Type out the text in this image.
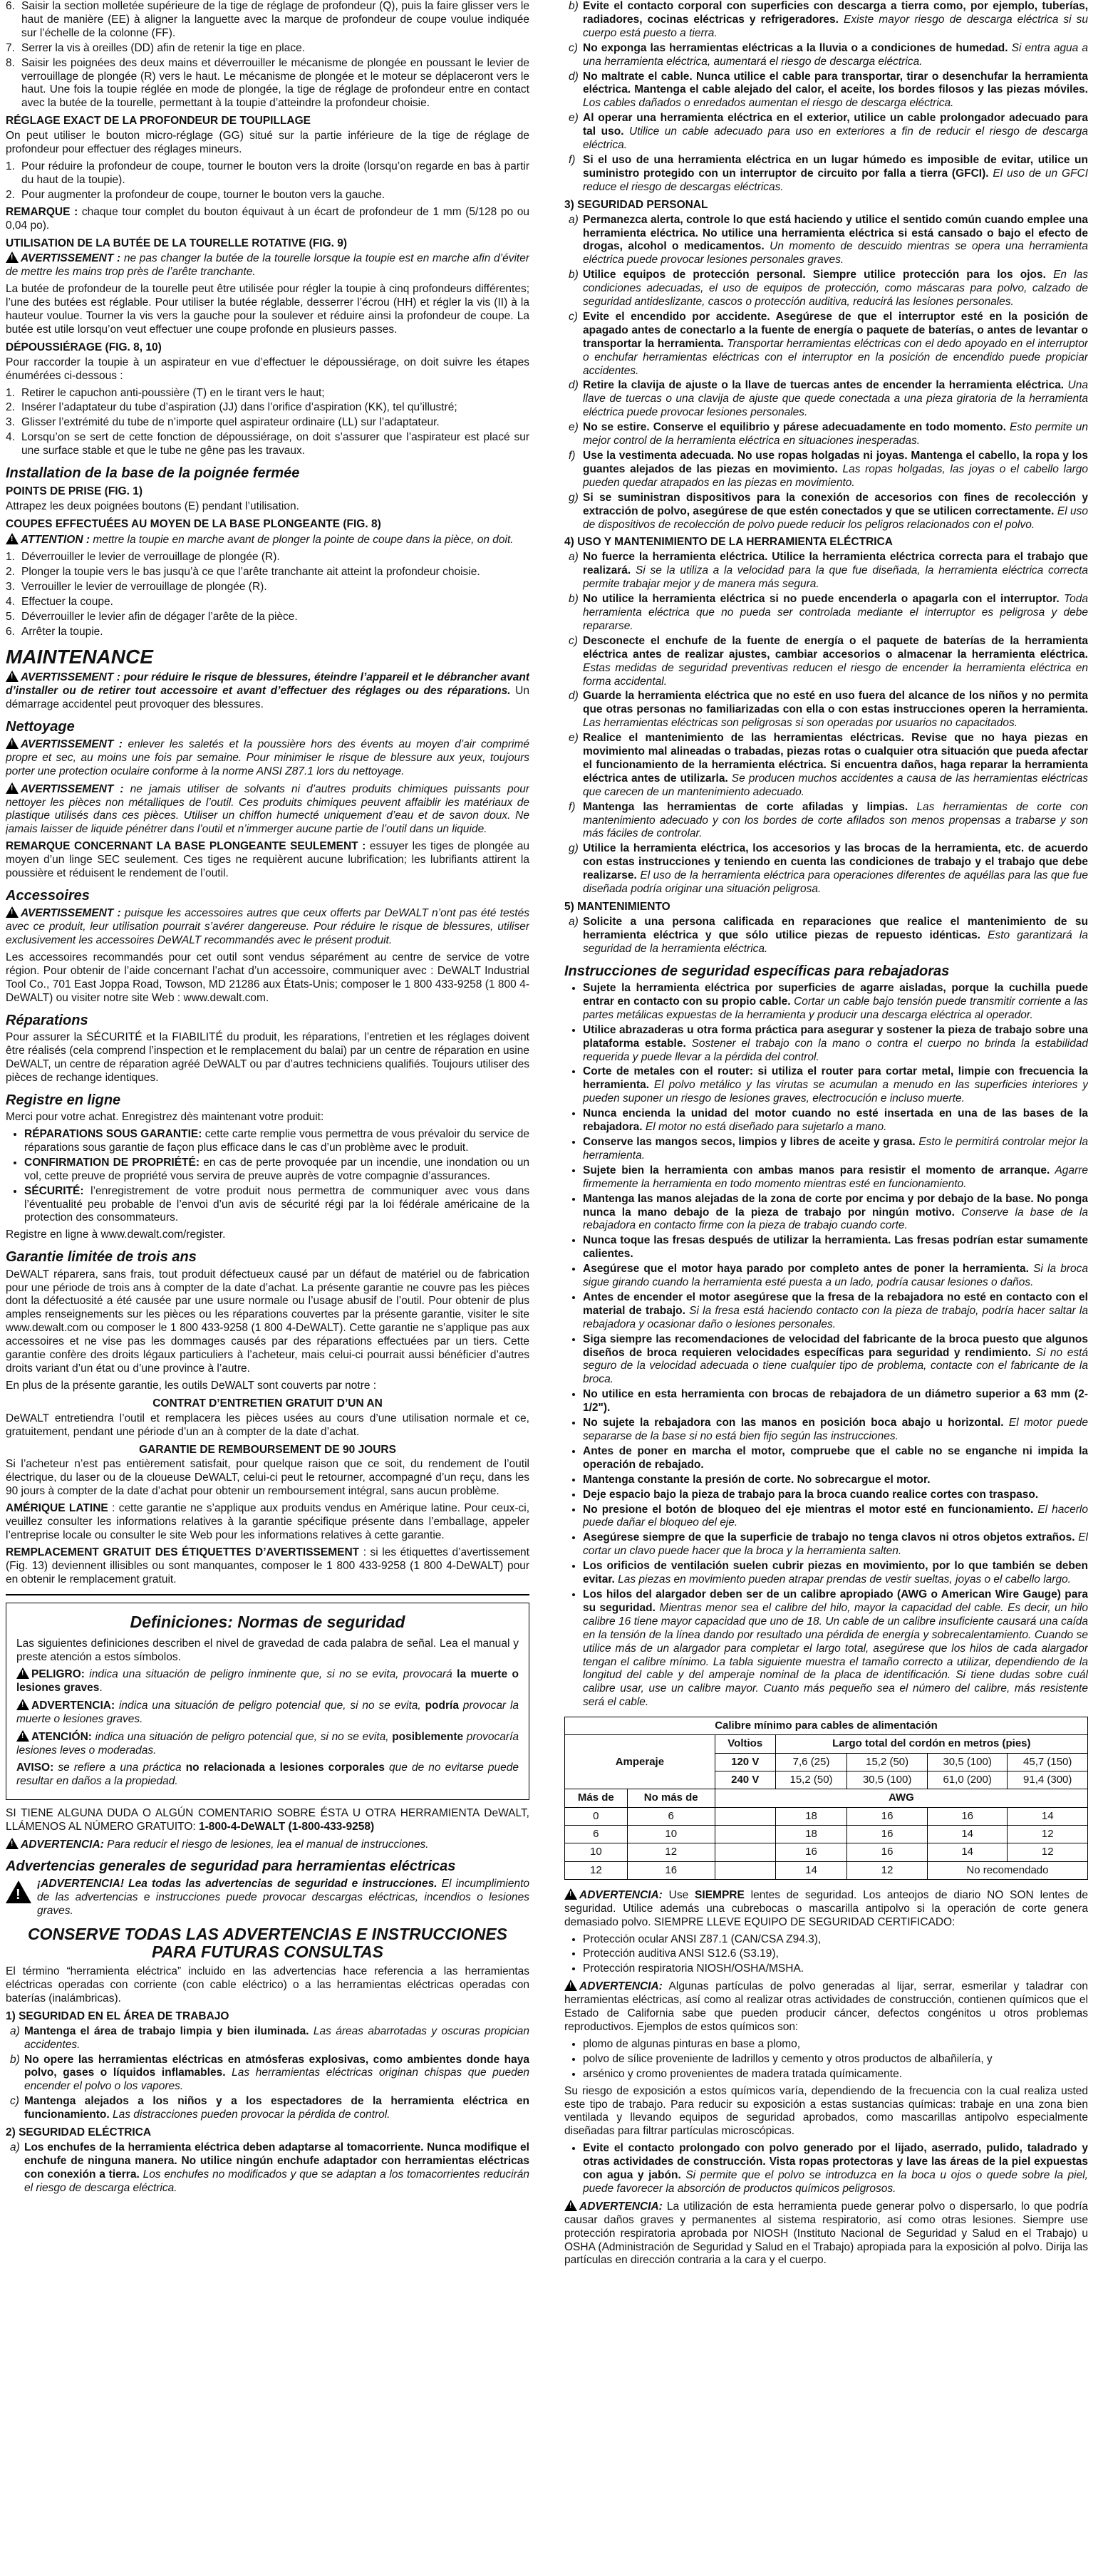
6. Saisir la section molletée supérieure de la tige de réglage de profondeur (Q), puis la faire glisser vers le haut de manière (EE) à aligner la languette avec la marque de profondeur de coupe voulue indiquée sur l’échelle de la colonne (FF).
7. Serrer la vis à oreilles (DD) afin de retenir la tige en place.
8. Saisir les poignées des deux mains et déverrouiller le mécanisme de plongée en poussant le levier de verrouillage de plongée (R) vers le haut. Le mécanisme de plongée et le moteur se déplaceront vers le haut. Une fois la toupie réglée en mode de plongée, la tige de réglage de profondeur entre en contact avec la butée de la tourelle, permettant à la toupie d’atteindre la profondeur choisie.
RÉGLAGE EXACT DE LA PROFONDEUR DE TOUPILLAGE

On peut utiliser le bouton micro-réglage (GG) situé sur la partie inférieure de la tige de réglage de profondeur pour effectuer des réglages mineurs.

1. Pour réduire la profondeur de coupe, tourner le bouton vers la droite (lorsqu’on regarde en bas à partir du haut de la toupie).
2. Pour augmenter la profondeur de coupe, tourner le bouton vers la gauche.

REMARQUE : chaque tour complet du bouton équivaut à un écart de profondeur de 1 mm (5/128 po ou 0,04 po).

UTILISATION DE LA BUTÉE DE LA TOURELLE ROTATIVE (FIG. 9)

!AVERTISSEMENT : ne pas changer la butée de la tourelle lorsque la toupie est en marche afin d’éviter de mettre les mains trop près de l’arête tranchante.

La butée de profondeur de la tourelle peut être utilisée pour régler la toupie à cinq profondeurs différentes; l’une des butées est réglable. Pour utiliser la butée réglable, desserrer l’écrou (HH) et régler la vis (II) à la hauteur voulue. Tourner la vis vers la gauche pour la soulever et réduire ainsi la profondeur de coupe. La butée est utile lorsqu’on veut effectuer une coupe profonde en plusieurs passes.

DÉPOUSSIÉRAGE (FIG. 8, 10)

Pour raccorder la toupie à un aspirateur en vue d’effectuer le dépoussiérage, on doit suivre les étapes énumérées ci-dessous :

1. Retirer le capuchon anti-poussière (T) en le tirant vers le haut;
2. Insérer l’adaptateur du tube d’aspiration (JJ) dans l’orifice d’aspiration (KK), tel qu’illustré;
3. Glisser l’extrémité du tube de n’importe quel aspirateur ordinaire (LL) sur l’adaptateur.
4. Lorsqu’on se sert de cette fonction de dépoussiérage, on doit s’assurer que l’aspirateur est placé sur une surface stable et que le tube ne gêne pas les travaux.
Installation de la base de la poignée fermée
POINTS DE PRISE (FIG. 1)

Attrapez les deux poignées boutons (E) pendant l’utilisation.

COUPES EFFECTUÉES AU MOYEN DE LA BASE PLONGEANTE (FIG. 8)

!ATTENTION : mettre la toupie en marche avant de plonger la pointe de coupe dans la pièce, on doit.

1. Déverrouiller le levier de verrouillage de plongée (R).
2. Plonger la toupie vers le bas jusqu’à ce que l’arête tranchante ait atteint la profondeur choisie.
3. Verrouiller le levier de verrouillage de plongée (R).
4. Effectuer la coupe.
5. Déverrouiller le levier afin de dégager l’arête de la pièce.
6. Arrêter la toupie.
MAINTENANCE

!AVERTISSEMENT : pour réduire le risque de blessures, éteindre l’appareil et le débrancher avant d’installer ou de retirer tout accessoire et avant d’effectuer des réglages ou des réparations. Un démarrage accidentel peut provoquer des blessures.

Nettoyage

!AVERTISSEMENT : enlever les saletés et la poussière hors des évents au moyen d’air comprimé propre et sec, au moins une fois par semaine. Pour minimiser le risque de blessure aux yeux, toujours porter une protection oculaire conforme à la norme ANSI Z87.1 lors du nettoyage.

!AVERTISSEMENT : ne jamais utiliser de solvants ni d’autres produits chimiques puissants pour nettoyer les pièces non métalliques de l’outil. Ces produits chimiques peuvent affaiblir les matériaux de plastique utilisés dans ces pièces. Utiliser un chiffon humecté uniquement d’eau et de savon doux. Ne jamais laisser de liquide pénétrer dans l’outil et n’immerger aucune partie de l’outil dans un liquide.

REMARQUE CONCERNANT LA BASE PLONGEANTE SEULEMENT : essuyer les tiges de plongée au moyen d’un linge SEC seulement. Ces tiges ne requièrent aucune lubrification; les lubrifiants attirent la poussière et réduisent le rendement de l’outil.

Accessoires

!AVERTISSEMENT : puisque les accessoires autres que ceux offerts par DeWALT n’ont pas été testés avec ce produit, leur utilisation pourrait s’avérer dangereuse. Pour réduire le risque de blessures, utiliser exclusivement les accessoires DeWALT recommandés avec le présent produit.

Les accessoires recommandés pour cet outil sont vendus séparément au centre de service de votre région. Pour obtenir de l’aide concernant l’achat d’un accessoire, communiquer avec : DeWALT Industrial Tool Co., 701 East Joppa Road, Towson, MD 21286 aux États-Unis; composer le 1 800 433-9258 (1 800 4-DeWALT) ou visiter notre site Web : www.dewalt.com.

Réparations

Pour assurer la SÉCURITÉ et la FIABILITÉ du produit, les réparations, l’entretien et les réglages doivent être réalisés (cela comprend l’inspection et le remplacement du balai) par un centre de réparation en usine DeWALT, un centre de réparation agréé DeWALT ou par d’autres techniciens qualifiés. Toujours utiliser des pièces de rechange identiques.

Registre en ligne

Merci pour votre achat. Enregistrez dès maintenant votre produit:

• RÉPARATIONS SOUS GARANTIE: cette carte remplie vous permettra de vous prévaloir du service de réparations sous garantie de façon plus efficace dans le cas d’un problème avec le produit.
• CONFIRMATION DE PROPRIÉTÉ: en cas de perte provoquée par un incendie, une inondation ou un vol, cette preuve de propriété vous servira de preuve auprès de votre compagnie d’assurances.
• SÉCURITÉ: l’enregistrement de votre produit nous permettra de communiquer avec vous dans l’éventualité peu probable de l’envoi d’un avis de sécurité régi par la loi fédérale américaine de la protection des consommateurs.

Registre en ligne à www.dewalt.com/register.

Garantie limitée de trois ans

DeWALT réparera, sans frais, tout produit défectueux causé par un défaut de matériel ou de fabrication pour une période de trois ans à compter de la date d’achat. La présente garantie ne couvre pas les pièces dont la défectuosité a été causée par une usure normale ou l’usage abusif de l’outil. Pour obtenir de plus amples renseignements sur les pièces ou les réparations couvertes par la présente garantie, visiter le site www.dewalt.com ou composer le 1 800 433-9258 (1 800 4-DeWALT). Cette garantie ne s’applique pas aux accessoires et ne vise pas les dommages causés par des réparations effectuées par un tiers. Cette garantie confère des droits légaux particuliers à l’acheteur, mais celui-ci pourrait aussi bénéficier d’autres droits variant d’un état ou d’une province à l’autre.

En plus de la présente garantie, les outils DeWALT sont couverts par notre :

CONTRAT D’ENTRETIEN GRATUIT D’UN AN

DeWALT entretiendra l’outil et remplacera les pièces usées au cours d’une utilisation normale et ce, gratuitement, pendant une période d’un an à compter de la date d’achat.

GARANTIE DE REMBOURSEMENT DE 90 JOURS

Si l’acheteur n’est pas entièrement satisfait, pour quelque raison que ce soit, du rendement de l’outil électrique, du laser ou de la cloueuse DeWALT, celui-ci peut le retourner, accompagné d’un reçu, dans les 90 jours à compter de la date d’achat pour obtenir un remboursement intégral, sans aucun problème.

AMÉRIQUE LATINE : cette garantie ne s’applique aux produits vendus en Amérique latine. Pour ceux-ci, veuillez consulter les informations relatives à la garantie spécifique présente dans l’emballage, appeler l’entreprise locale ou consulter le site Web pour les informations relatives à cette garantie.

REMPLACEMENT GRATUIT DES ÉTIQUETTES D’AVERTISSEMENT : si les étiquettes d’avertissement (Fig. 13) deviennent illisibles ou sont manquantes, composer le 1 800 433-9258 (1 800 4-DeWALT) pour en obtenir le remplacement gratuit.

Definiciones: Normas de seguridad

Las siguientes definiciones describen el nivel de gravedad de cada palabra de señal. Lea el manual y preste atención a estos símbolos.

!PELIGRO: indica una situación de peligro inminente que, si no se evita, provocará la muerte o lesiones graves.

!ADVERTENCIA: indica una situación de peligro potencial que, si no se evita, podría provocar la muerte o lesiones graves.

!ATENCIÓN: indica una situación de peligro potencial que, si no se evita, posiblemente provocaría lesiones leves o moderadas.

AVISO: se refiere a una práctica no relacionada a lesiones corporales que de no evitarse puede resultar en daños a la propiedad.

SI TIENE ALGUNA DUDA O ALGÚN COMENTARIO SOBRE ÉSTA U OTRA HERRAMIENTA DeWALT, LLÁMENOS AL NÚMERO GRATUITO: 1-800-4-DeWALT (1-800-433-9258)

!ADVERTENCIA: Para reducir el riesgo de lesiones, lea el manual de instrucciones.

Advertencias generales de seguridad para herramientas eléctricas
!

¡ADVERTENCIA! Lea todas las advertencias de seguridad e instrucciones. El incumplimiento de las advertencias e instrucciones puede provocar descargas eléctricas, incendios o lesiones graves.

CONSERVE TODAS LAS ADVERTENCIAS E INSTRUCCIONES PARA FUTURAS CONSULTAS

El término “herramienta eléctrica” incluido en las advertencias hace referencia a las herramientas eléctricas operadas con corriente (con cable eléctrico) o a las herramientas eléctricas operadas con baterías (inalámbricas).

1) SEGURIDAD EN EL ÁREA DE TRABAJO
a) Mantenga el área de trabajo limpia y bien iluminada. Las áreas abarrotadas y oscuras propician accidentes.
b) No opere las herramientas eléctricas en atmósferas explosivas, como ambientes donde haya polvo, gases o líquidos inflamables. Las herramientas eléctricas originan chispas que pueden encender el polvo o los vapores.
c) Mantenga alejados a los niños y a los espectadores de la herramienta eléctrica en funcionamiento. Las distracciones pueden provocar la pérdida de control.
2) SEGURIDAD ELÉCTRICA
a) Los enchufes de la herramienta eléctrica deben adaptarse al tomacorriente. Nunca modifique el enchufe de ninguna manera. No utilice ningún enchufe adaptador con herramientas eléctricas con conexión a tierra. Los enchufes no modificados y que se adaptan a los tomacorrientes reducirán el riesgo de descarga eléctrica.
b) Evite el contacto corporal con superficies con descarga a tierra como, por ejemplo, tuberías, radiadores, cocinas eléctricas y refrigeradores. Existe mayor riesgo de descarga eléctrica si su cuerpo está puesto a tierra.
c) No exponga las herramientas eléctricas a la lluvia o a condiciones de humedad. Si entra agua a una herramienta eléctrica, aumentará el riesgo de descarga eléctrica.
d) No maltrate el cable. Nunca utilice el cable para transportar, tirar o desenchufar la herramienta eléctrica. Mantenga el cable alejado del calor, el aceite, los bordes filosos y las piezas móviles. Los cables dañados o enredados aumentan el riesgo de descarga eléctrica.
e) Al operar una herramienta eléctrica en el exterior, utilice un cable prolongador adecuado para tal uso. Utilice un cable adecuado para uso en exteriores a fin de reducir el riesgo de descarga eléctrica.
f) Si el uso de una herramienta eléctrica en un lugar húmedo es imposible de evitar, utilice un suministro protegido con un interruptor de circuito por falla a tierra (GFCI). El uso de un GFCI reduce el riesgo de descargas eléctricas.
3) SEGURIDAD PERSONAL
a) Permanezca alerta, controle lo que está haciendo y utilice el sentido común cuando emplee una herramienta eléctrica. No utilice una herramienta eléctrica si está cansado o bajo el efecto de drogas, alcohol o medicamentos. Un momento de descuido mientras se opera una herramienta eléctrica puede provocar lesiones personales graves.
b) Utilice equipos de protección personal. Siempre utilice protección para los ojos. En las condiciones adecuadas, el uso de equipos de protección, como máscaras para polvo, calzado de seguridad antideslizante, cascos o protección auditiva, reducirá las lesiones personales.
c) Evite el encendido por accidente. Asegúrese de que el interruptor esté en la posición de apagado antes de conectarlo a la fuente de energía o paquete de baterías, o antes de levantar o transportar la herramienta. Transportar herramientas eléctricas con el dedo apoyado en el interruptor o enchufar herramientas eléctricas con el interruptor en la posición de encendido puede propiciar accidentes.
d) Retire la clavija de ajuste o la llave de tuercas antes de encender la herramienta eléctrica. Una llave de tuercas o una clavija de ajuste que quede conectada a una pieza giratoria de la herramienta eléctrica puede provocar lesiones personales.
e) No se estire. Conserve el equilibrio y párese adecuadamente en todo momento. Esto permite un mejor control de la herramienta eléctrica en situaciones inesperadas.
f) Use la vestimenta adecuada. No use ropas holgadas ni joyas. Mantenga el cabello, la ropa y los guantes alejados de las piezas en movimiento. Las ropas holgadas, las joyas o el cabello largo pueden quedar atrapados en las piezas en movimiento.
g) Si se suministran dispositivos para la conexión de accesorios con fines de recolección y extracción de polvo, asegúrese de que estén conectados y que se utilicen correctamente. El uso de dispositivos de recolección de polvo puede reducir los peligros relacionados con el polvo.
4) USO Y MANTENIMIENTO DE LA HERRAMIENTA ELÉCTRICA
a) No fuerce la herramienta eléctrica. Utilice la herramienta eléctrica correcta para el trabajo que realizará. Si se la utiliza a la velocidad para la que fue diseñada, la herramienta eléctrica correcta permite trabajar mejor y de manera más segura.
b) No utilice la herramienta eléctrica si no puede encenderla o apagarla con el interruptor. Toda herramienta eléctrica que no pueda ser controlada mediante el interruptor es peligrosa y debe repararse.
c) Desconecte el enchufe de la fuente de energía o el paquete de baterías de la herramienta eléctrica antes de realizar ajustes, cambiar accesorios o almacenar la herramienta eléctrica. Estas medidas de seguridad preventivas reducen el riesgo de encender la herramienta eléctrica en forma accidental.
d) Guarde la herramienta eléctrica que no esté en uso fuera del alcance de los niños y no permita que otras personas no familiarizadas con ella o con estas instrucciones operen la herramienta. Las herramientas eléctricas son peligrosas si son operadas por usuarios no capacitados.
e) Realice el mantenimiento de las herramientas eléctricas. Revise que no haya piezas en movimiento mal alineadas o trabadas, piezas rotas o cualquier otra situación que pueda afectar el funcionamiento de la herramienta eléctrica. Si encuentra daños, haga reparar la herramienta eléctrica antes de utilizarla. Se producen muchos accidentes a causa de las herramientas eléctricas que carecen de un mantenimiento adecuado.
f) Mantenga las herramientas de corte afiladas y limpias. Las herramientas de corte con mantenimiento adecuado y con los bordes de corte afilados son menos propensas a trabarse y son más fáciles de controlar.
g) Utilice la herramienta eléctrica, los accesorios y las brocas de la herramienta, etc. de acuerdo con estas instrucciones y teniendo en cuenta las condiciones de trabajo y el trabajo que debe realizarse. El uso de la herramienta eléctrica para operaciones diferentes de aquéllas para las que fue diseñada podría originar una situación peligrosa.
5) MANTENIMIENTO
a) Solicite a una persona calificada en reparaciones que realice el mantenimiento de su herramienta eléctrica y que sólo utilice piezas de repuesto idénticas. Esto garantizará la seguridad de la herramienta eléctrica.
Instrucciones de seguridad específicas para rebajadoras
• Sujete la herramienta eléctrica por superficies de agarre aisladas, porque la cuchilla puede entrar en contacto con su propio cable. Cortar un cable bajo tensión puede transmitir corriente a las partes metálicas expuestas de la herramienta y producir una descarga eléctrica al operador.
• Utilice abrazaderas u otra forma práctica para asegurar y sostener la pieza de trabajo sobre una plataforma estable. Sostener el trabajo con la mano o contra el cuerpo no brinda la estabilidad requerida y puede llevar a la pérdida del control.
• Corte de metales con el router: si utiliza el router para cortar metal, limpie con frecuencia la herramienta. El polvo metálico y las virutas se acumulan a menudo en las superficies interiores y pueden suponer un riesgo de lesiones graves, electrocución e incluso muerte.
• Nunca encienda la unidad del motor cuando no esté insertada en una de las bases de la rebajadora. El motor no está diseñado para sujetarlo a mano.
• Conserve las mangos secos, limpios y libres de aceite y grasa. Esto le permitirá controlar mejor la herramienta.
• Sujete bien la herramienta con ambas manos para resistir el momento de arranque. Agarre firmemente la herramienta en todo momento mientras esté en funcionamiento.
• Mantenga las manos alejadas de la zona de corte por encima y por debajo de la base. No ponga nunca la mano debajo de la pieza de trabajo por ningún motivo. Conserve la base de la rebajadora en contacto firme con la pieza de trabajo cuando corte.
• Nunca toque las fresas después de utilizar la herramienta. Las fresas podrían estar sumamente calientes.
• Asegúrese que el motor haya parado por completo antes de poner la herramienta. Si la broca sigue girando cuando la herramienta esté puesta a un lado, podría causar lesiones o daños.
• Antes de encender el motor asegúrese que la fresa de la rebajadora no esté en contacto con el material de trabajo. Si la fresa está haciendo contacto con la pieza de trabajo, podría hacer saltar la rebajadora y ocasionar daño o lesiones personales.
• Siga siempre las recomendaciones de velocidad del fabricante de la broca puesto que algunos diseños de broca requieren velocidades específicas para seguridad y rendimiento. Si no está seguro de la velocidad adecuada o tiene cualquier tipo de problema, contacte con el fabricante de la broca.
• No utilice en esta herramienta con brocas de rebajadora de un diámetro superior a 63 mm (2-1/2").
• No sujete la rebajadora con las manos en posición boca abajo u horizontal. El motor puede separarse de la base si no está bien fijo según las instrucciones.
• Antes de poner en marcha el motor, compruebe que el cable no se enganche ni impida la operación de rebajado.
• Mantenga constante la presión de corte. No sobrecargue el motor.
• Deje espacio bajo la pieza de trabajo para la broca cuando realice cortes con traspaso.
• No presione el botón de bloqueo del eje mientras el motor esté en funcionamiento. El hacerlo puede dañar el bloqueo del eje.
• Asegúrese siempre de que la superficie de trabajo no tenga clavos ni otros objetos extraños. El cortar un clavo puede hacer que la broca y la herramienta salten.
• Los orificios de ventilación suelen cubrir piezas en movimiento, por lo que también se deben evitar. Las piezas en movimiento pueden atrapar prendas de vestir sueltas, joyas o el cabello largo.
• Los hilos del alargador deben ser de un calibre apropiado (AWG o American Wire Gauge) para su seguridad. Mientras menor sea el calibre del hilo, mayor la capacidad del cable. Es decir, un hilo calibre 16 tiene mayor capacidad que uno de 18. Un cable de un calibre insuficiente causará una caída en la tensión de la línea dando por resultado una pérdida de energía y sobrecalentamiento. Cuando se utilice más de un alargador para completar el largo total, asegúrese que los hilos de cada alargador tengan el calibre mínimo. La tabla siguiente muestra el tamaño correcto a utilizar, dependiendo de la longitud del cable y del amperaje nominal de la placa de identificación. Si tiene dudas sobre cuál calibre usar, use un calibre mayor. Cuanto más pequeño sea el número del calibre, más resistente será el cable.
Calibre mínimo para cables de alimentación						
Amperaje		Voltios	Largo total del cordón en metros (pies)			
		120 V	7,6 (25)	15,2 (50)	30,5 (100)	45,7 (150)
		240 V	15,2 (50)	30,5 (100)	61,0 (200)	91,4 (300)
Más de	No más de	AWG				
0	6		18	16	16	14
6	10		18	16	14	12
10	12		16	16	14	12
12	16		14	12	No recomendado	

!ADVERTENCIA: Use SIEMPRE lentes de seguridad. Los anteojos de diario NO SON lentes de seguridad. Utilice además una cubrebocas o mascarilla antipolvo si la operación de corte genera demasiado polvo. SIEMPRE LLEVE EQUIPO DE SEGURIDAD CERTIFICADO:

• Protección ocular ANSI Z87.1 (CAN/CSA Z94.3),
• Protección auditiva ANSI S12.6 (S3.19),
• Protección respiratoria NIOSH/OSHA/MSHA.

!ADVERTENCIA: Algunas partículas de polvo generadas al lijar, serrar, esmerilar y taladrar con herramientas eléctricas, así como al realizar otras actividades de construcción, contienen químicos que el Estado de California sabe que pueden producir cáncer, defectos congénitos u otros problemas reproductivos. Ejemplos de estos químicos son:

• plomo de algunas pinturas en base a plomo,
• polvo de sílice proveniente de ladrillos y cemento y otros productos de albañilería, y
• arsénico y cromo provenientes de madera tratada químicamente.

Su riesgo de exposición a estos químicos varía, dependiendo de la frecuencia con la cual realiza usted este tipo de trabajo. Para reducir su exposición a estas sustancias químicas: trabaje en una zona bien ventilada y llevando equipos de seguridad aprobados, como mascarillas antipolvo especialmente diseñadas para filtrar partículas microscópicas.

• Evite el contacto prolongado con polvo generado por el lijado, aserrado, pulido, taladrado y otras actividades de construcción. Vista ropas protectoras y lave las áreas de la piel expuestas con agua y jabón. Si permite que el polvo se introduzca en la boca u ojos o quede sobre la piel, puede favorecer la absorción de productos químicos peligrosos.

!ADVERTENCIA: La utilización de esta herramienta puede generar polvo o dispersarlo, lo que podría causar daños graves y permanentes al sistema respiratorio, así como otras lesiones. Siempre use protección respiratoria aprobada por NIOSH (Instituto Nacional de Seguridad y Salud en el Trabajo) u OSHA (Administración de Seguridad y Salud en el Trabajo) apropiada para la exposición al polvo. Dirija las partículas en dirección contraria a la cara y el cuerpo.
